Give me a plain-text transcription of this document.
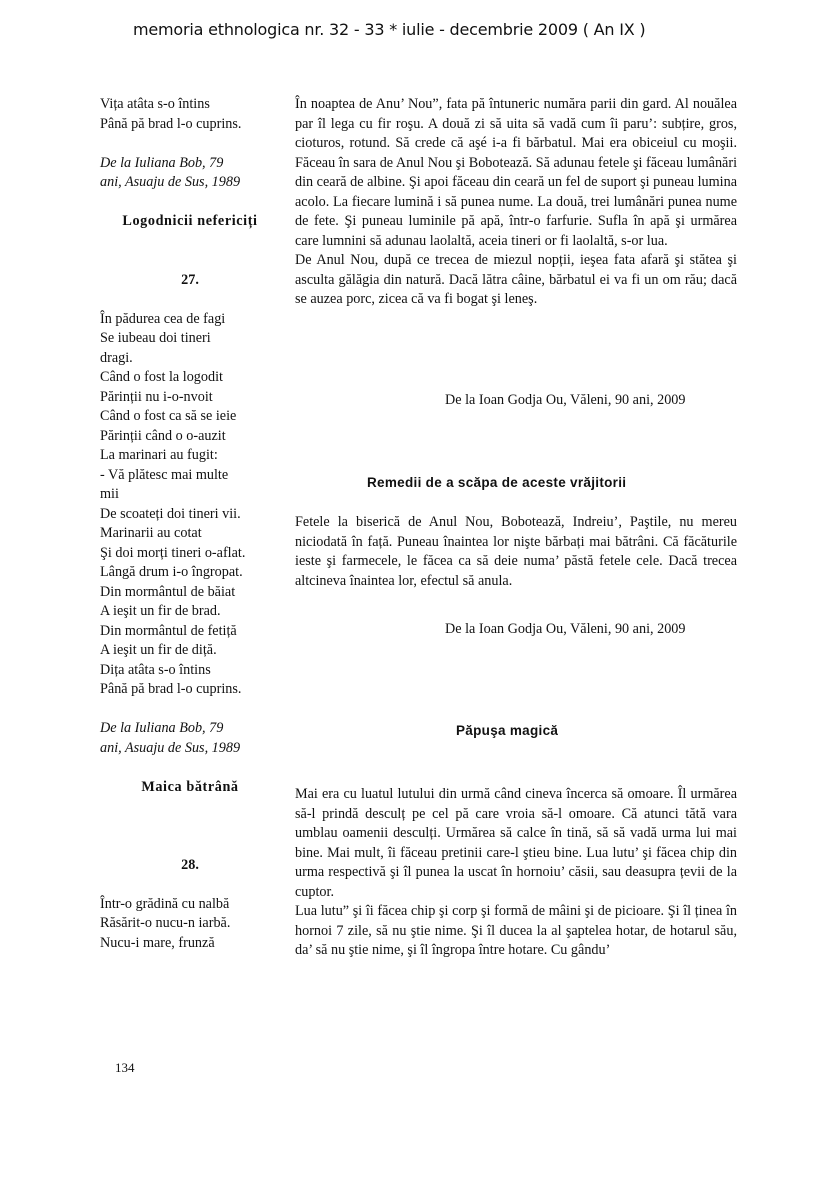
memoria ethnologica nr. 32 - 33 * iulie - decembrie 2009 ( An IX )
Vița atâta s-o întins
Până pă brad l-o cuprins.
De la Iuliana Bob, 79
ani, Asuaju de Sus, 1989
Logodnicii nefericiți
27.
În pădurea cea de fagi
Se iubeau doi tineri
dragi.
Când o fost la logodit
Părinții nu i-o-nvoit
Când o fost ca să se ieie
Părinții când o o-auzit
La marinari au fugit:
- Vă plătesc mai multe
mii
De scoateți doi tineri vii.
Marinarii au cotat
Şi doi morți tineri o-aflat.
Lângă drum i-o îngropat.
Din mormântul de băiat
A ieşit un fir de brad.
Din mormântul de fetiță
A ieşit un fir de diță.
Dița atâta s-o întins
Până pă brad l-o cuprins.
De la Iuliana Bob, 79
ani, Asuaju de Sus, 1989
Maica bătrână
28.
Într-o grădină cu nalbă
Răsărit-o nucu-n iarbă.
Nucu-i mare, frunză

În noaptea de Anu’ Nou”, fata pă întuneric număra parii din gard. Al nouălea par îl lega cu fir roşu. A două zi să uita să vadă cum îi paru’: subțire, gros, cioturos, rotund. Să crede că aşé i-a fi bărbatul. Mai era obiceiul cu moşii. Făceau în sara de Anul Nou şi Bobotează. Să adunau fetele şi făceau lumânări din ceară de albine. Şi apoi făceau din ceară un fel de suport şi puneau lumina acolo. La fiecare lumină i să punea nume. La două, trei lumânări punea nume de fete. Şi puneau luminile pă apă, într-o farfurie. Sufla în apă şi urmărea care lumnini să adunau laolaltă, aceia tineri or fi laolaltă, s-or lua.

De Anul Nou, după ce trecea de miezul nopții, ieşea fata afară şi stătea şi asculta gălăgia din natură. Dacă lătra câine, bărbatul ei va fi un om rău; dacă se auzea porc, zicea că va fi bogat şi leneş.

De la Ioan Godja Ou, Văleni, 90 ani, 2009
Remedii de a scăpa de aceste vrăjitorii

Fetele la biserică de Anul Nou, Bobotează, Indreiu’, Paştile, nu mereu niciodată în față. Puneau înaintea lor nişte bărbați mai bătrâni. Că făcăturile ieste şi farmecele, le făcea ca să deie numa’ păstă fetele cele. Dacă trecea altcineva înaintea lor, efectul să anula.

De la Ioan Godja Ou, Văleni, 90 ani, 2009
Păpuşa magică

Mai era cu luatul lutului din urmă când cineva încerca să omoare. Îl urmărea să-l prindă desculț pe cel pă care vroia să-l omoare. Că atunci tătă vara umblau oamenii desculți. Urmărea să calce în tină, să să vadă urma lui mai bine. Mai mult, îi făceau pretinii care-l ştieu bine. Lua lutu’ şi făcea chip din urma respectivă şi îl punea la uscat în hornoiu’ căsii, sau deasupra țevii de la cuptor.

Lua lutu” şi îi făcea chip şi corp şi formă de mâini şi de picioare. Şi îl ținea în hornoi 7 zile, să nu ştie nime. Şi îl ducea la al şaptelea hotar, de hotarul său, da’ să nu ştie nime, şi îl îngropa între hotare. Cu gându’

134
